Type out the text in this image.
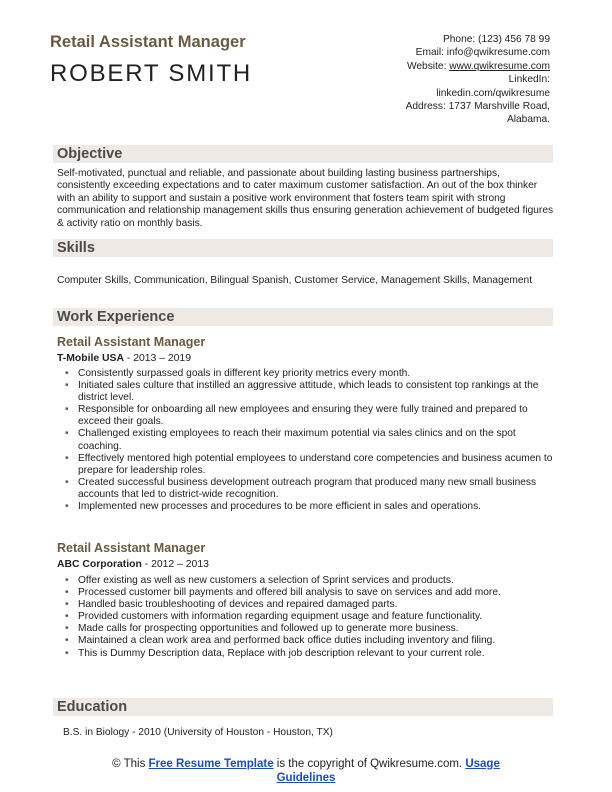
Retail Assistant Manager
ROBERT SMITH
Phone: (123) 456 78 99
Email: info@qwikresume.com
Website: www.qwikresume.com
LinkedIn:
linkedin.com/qwikresume
Address: 1737 Marshville Road,
Alabama.
Objective
Self-motivated, punctual and reliable, and passionate about building lasting business partnerships, consistently exceeding expectations and to cater maximum customer satisfaction. An out of the box thinker with an ability to support and sustain a positive work environment that fosters team spirit with strong communication and relationship management skills thus ensuring generation achievement of budgeted figures & activity ratio on monthly basis.
Skills
Computer Skills, Communication, Bilingual Spanish, Customer Service, Management Skills, Management
Work Experience
Retail Assistant Manager
T-Mobile USA - 2013 – 2019
• Consistently surpassed goals in different key priority metrics every month.
• Initiated sales culture that instilled an aggressive attitude, which leads to consistent top rankings at the district level.
• Responsible for onboarding all new employees and ensuring they were fully trained and prepared to exceed their goals.
• Challenged existing employees to reach their maximum potential via sales clinics and on the spot coaching.
• Effectively mentored high potential employees to understand core competencies and business acumen to prepare for leadership roles.
• Created successful business development outreach program that produced many new small business accounts that led to district-wide recognition.
• Implemented new processes and procedures to be more efficient in sales and operations.
Retail Assistant Manager
ABC Corporation - 2012 – 2013
• Offer existing as well as new customers a selection of Sprint services and products.
• Processed customer bill payments and offered bill analysis to save on services and add more.
• Handled basic troubleshooting of devices and repaired damaged parts.
• Provided customers with information regarding equipment usage and feature functionality.
• Made calls for prospecting opportunities and followed up to generate more business.
• Maintained a clean work area and performed back office duties including inventory and filing.
• This is Dummy Description data, Replace with job description relevant to your current role.
Education
B.S. in Biology - 2010 (University of Houston - Houston, TX)
© This Free Resume Template is the copyright of Qwikresume.com. Usage
Guidelines
